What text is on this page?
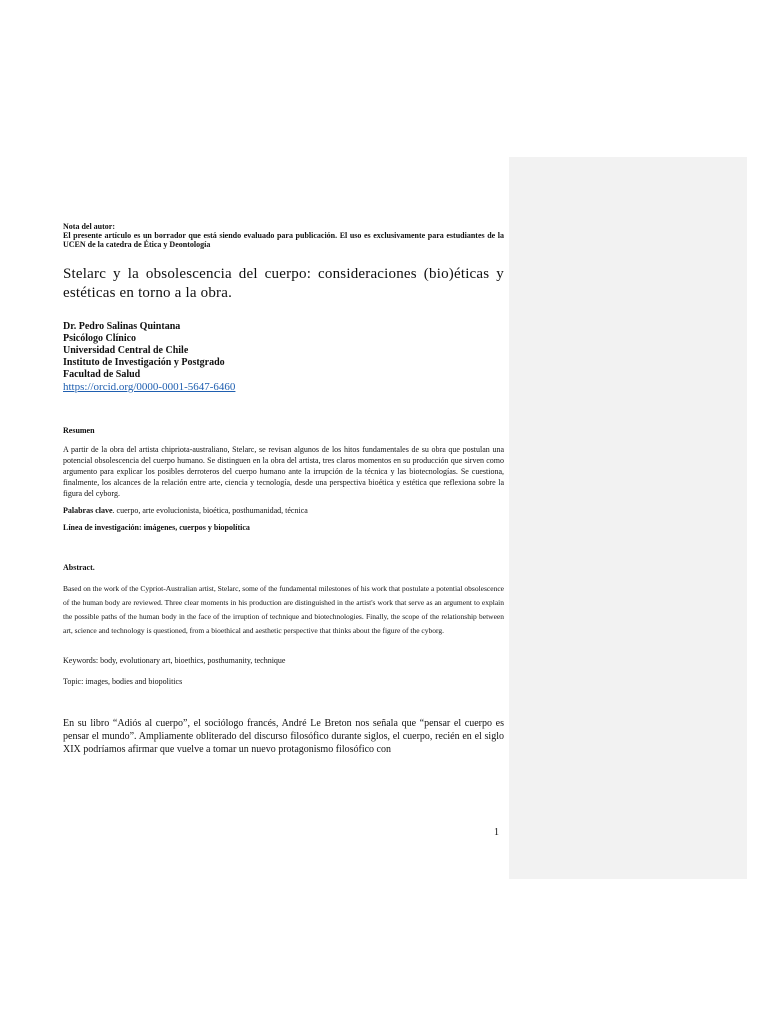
Nota del autor:
El presente artículo es un borrador que está siendo evaluado para publicación. El uso es exclusivamente para estudiantes de la UCEN de la catedra de Ética y Deontología
Stelarc y la obsolescencia del cuerpo: consideraciones (bio)éticas y estéticas en torno a la obra.
Dr. Pedro Salinas Quintana
Psicólogo Clínico
Universidad Central de Chile
Instituto de Investigación y Postgrado
Facultad de Salud
https://orcid.org/0000-0001-5647-6460
Resumen
A partir de la obra del artista chipriota-australiano, Stelarc, se revisan algunos de los hitos fundamentales de su obra que postulan una potencial obsolescencia del cuerpo humano. Se distinguen en la obra del artista, tres claros momentos en su producción que sirven como argumento para explicar los posibles derroteros del cuerpo humano ante la irrupción de la técnica y las biotecnologías. Se cuestiona, finalmente, los alcances de la relación entre arte, ciencia y tecnología, desde una perspectiva bioética y estética que reflexiona sobre la figura del cyborg.
Palabras clave. cuerpo, arte evolucionista, bioética, posthumanidad, técnica
Línea de investigación: imágenes, cuerpos y biopolítica
Abstract.
Based on the work of the Cypriot-Australian artist, Stelarc, some of the fundamental milestones of his work that postulate a potential obsolescence of the human body are reviewed. Three clear moments in his production are distinguished in the artist's work that serve as an argument to explain the possible paths of the human body in the face of the irruption of technique and biotechnologies. Finally, the scope of the relationship between art, science and technology is questioned, from a bioethical and aesthetic perspective that thinks about the figure of the cyborg.
Keywords: body, evolutionary art, bioethics, posthumanity, technique
Topic: images, bodies and biopolitics
En su libro “Adiós al cuerpo”, el sociólogo francés, André Le Breton nos señala que “pensar el cuerpo es pensar el mundo”. Ampliamente obliterado del discurso filosófico durante siglos, el cuerpo, recién en el siglo XIX podríamos afirmar que vuelve a tomar un nuevo protagonismo filosófico con
1
